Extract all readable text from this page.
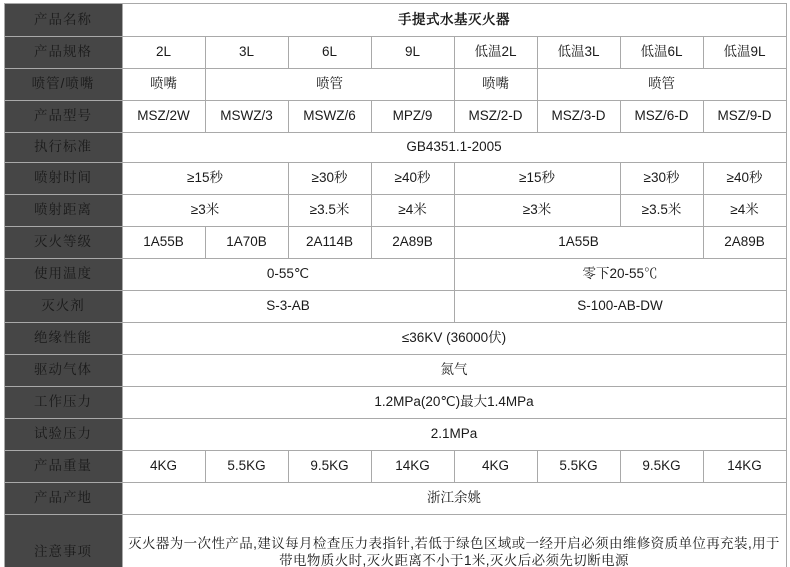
产品名称	手提式水基灭火器							
产品规格	2L	3L	6L	9L	低温2L	低温3L	低温6L	低温9L
喷管/喷嘴	喷嘴	喷管			喷嘴	喷管		
产品型号	MSZ/2W	MSWZ/3	MSWZ/6	MPZ/9	MSZ/2-D	MSZ/3-D	MSZ/6-D	MSZ/9-D
执行标准	GB4351.1-2005							
喷射时间	≥15秒		≥30秒	≥40秒	≥15秒		≥30秒	≥40秒
喷射距离	≥3米		≥3.5米	≥4米	≥3米		≥3.5米	≥4米
灭火等级	1A55B	1A70B	2A114B	2A89B	1A55B			2A89B
使用温度	0-55℃				零下20-55℃			
灭火剂	S-3-AB				S-100-AB-DW			
绝缘性能	≤36KV (36000伏)							
驱动气体	氮气							
工作压力	1.2MPa(20℃)最大1.4MPa							
试验压力	2.1MPa							
产品重量	4KG	5.5KG	9.5KG	14KG	4KG	5.5KG	9.5KG	14KG
产品产地	浙江余姚							
注意事项	灭火器为一次性产品,建议每月检查压力表指针,若低于绿色区域或一经开启必须由维修资质单位再充装,用于带电物质火时,灭火距离不小于1米,灭火后必须先切断电源							
